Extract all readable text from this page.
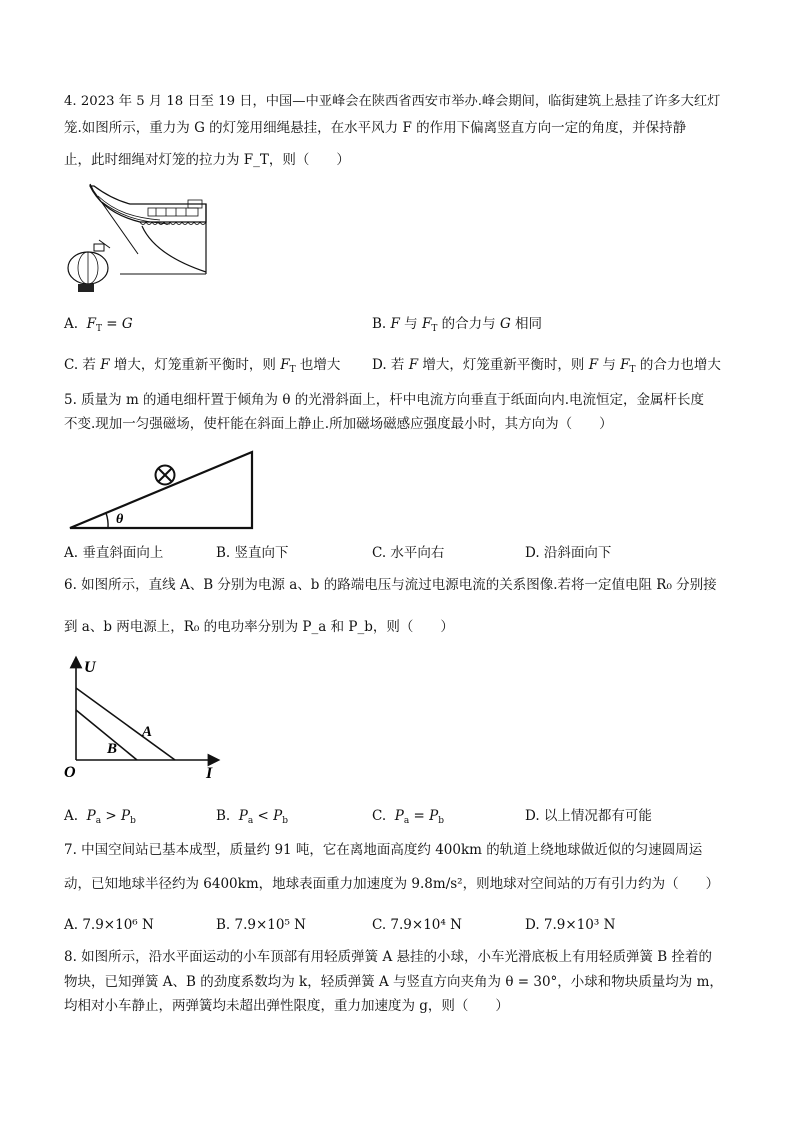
4. 2023 年 5 月 18 日至 19 日，中国—中亚峰会在陕西省西安市举办.峰会期间，临街建筑上悬挂了许多大红灯
笼.如图所示，重力为 G 的灯笼用细绳悬挂，在水平风力 F 的作用下偏离竖直方向一定的角度，并保持静
止，此时细绳对灯笼的拉力为 F_T，则（　　）
A.  $F_T = G$	B. F 与 $F_T$ 的合力与 G 相同
C. 若 F 增大，灯笼重新平衡时，则 $F_T$ 也增大 D. 若 F 增大，灯笼重新平衡时，则 F 与 $F_T$ 的合力也增大
5. 质量为 m 的通电细杆置于倾角为 θ 的光滑斜面上，杆中电流方向垂直于纸面向内.电流恒定，金属杆长度
不变.现加一匀强磁场，使杆能在斜面上静止.所加磁场磁感应强度最小时，其方向为（　　）
θ
A. 垂直斜面向上	B. 竖直向下	C. 水平向右	D. 沿斜面向下
6. 如图所示，直线 A、B 分别为电源 a、b 的路端电压与流过电源电流的关系图像.若将一定值电阻 R₀ 分别接
到 a、b 两电源上，R₀ 的电功率分别为 P_a 和 P_b，则（　　）
U
I
O
A
B
A.  $P_a > P_b$	B.  $P_a < P_b$	C.  $P_a = P_b$	D. 以上情况都有可能
7. 中国空间站已基本成型，质量约 91 吨，它在离地面高度约 400km 的轨道上绕地球做近似的匀速圆周运
动，已知地球半径约为 6400km，地球表面重力加速度为 9.8m/s²，则地球对空间站的万有引力约为（　　）
A. 7.9×10⁶ N	B. 7.9×10⁵ N	C. 7.9×10⁴ N	D. 7.9×10³ N
8. 如图所示，沿水平面运动的小车顶部有用轻质弹簧 A 悬挂的小球，小车光滑底板上有用轻质弹簧 B 拴着的
物块，已知弹簧 A、B 的劲度系数均为 k，轻质弹簧 A 与竖直方向夹角为 θ = 30°，小球和物块质量均为 m，
均相对小车静止，两弹簧均未超出弹性限度，重力加速度为 g，则（　　）
